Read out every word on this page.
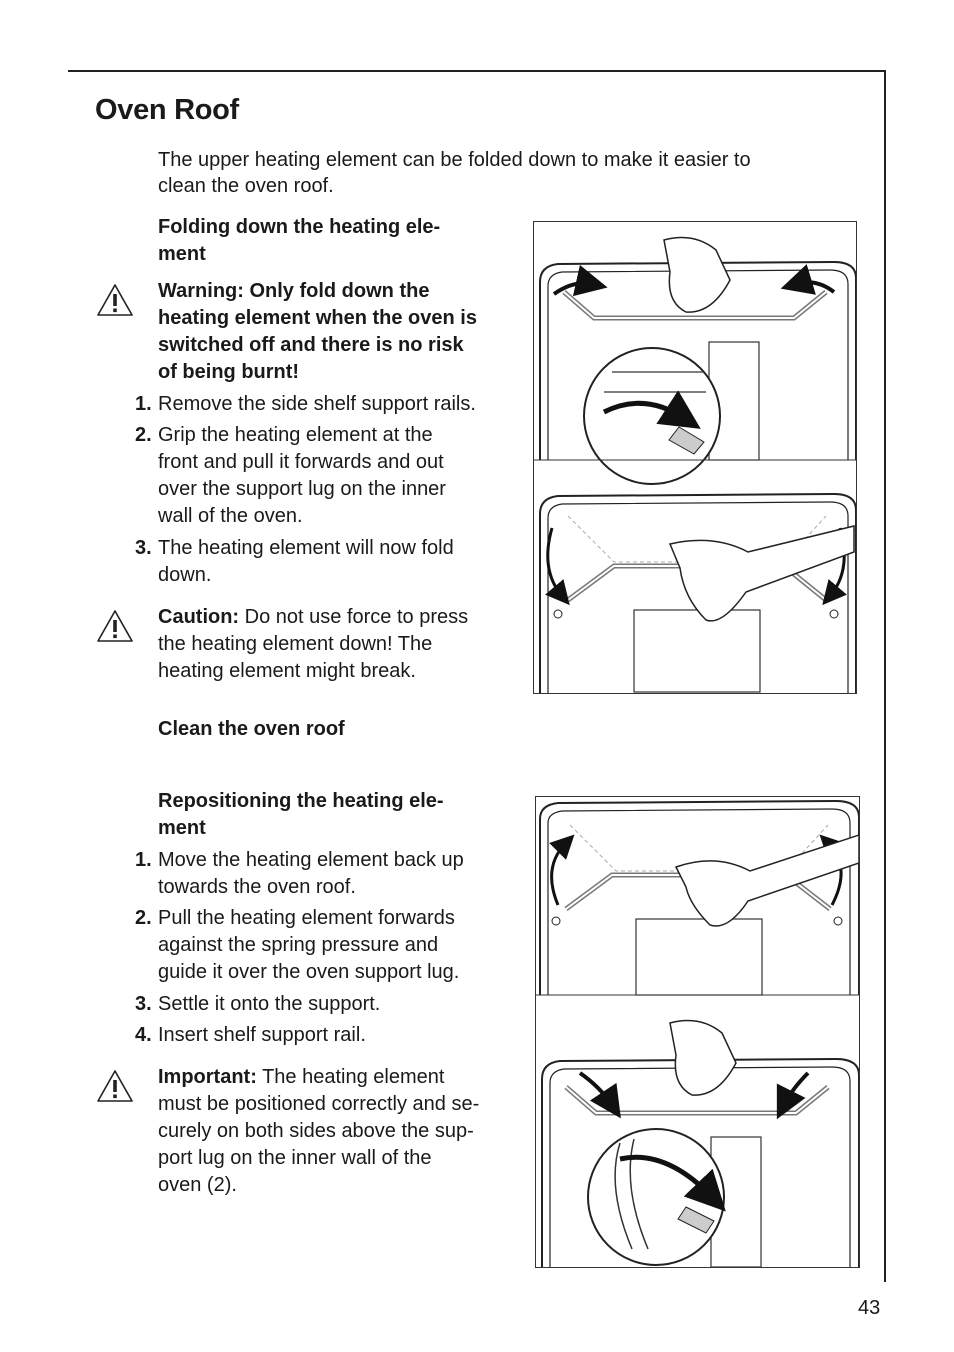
Oven Roof
The upper heating element can be folded down to make it easier to
clean the oven roof.
Folding down the heating ele-
ment
Warning: Only fold down the
heating element when the oven is
switched off and there is no risk
of being burnt!
1. Remove the side shelf support rails.
2. Grip the heating element at the
front and pull it forwards and out
over the support lug on the inner
wall of the oven.
3. The heating element will now fold
down.
Caution: Do not use force to press
the heating element down! The
heating element might break.
Clean the oven roof
Repositioning the heating ele-
ment
1. Move the heating element back up
towards the oven roof.
2. Pull the heating element forwards
against the spring pressure and
guide it over the oven support lug.
3. Settle it onto the support.
4. Insert shelf support rail.
Important: The heating element
must be positioned correctly and se-
curely on both sides above the sup-
port lug on the inner wall of the
oven (2).
43
